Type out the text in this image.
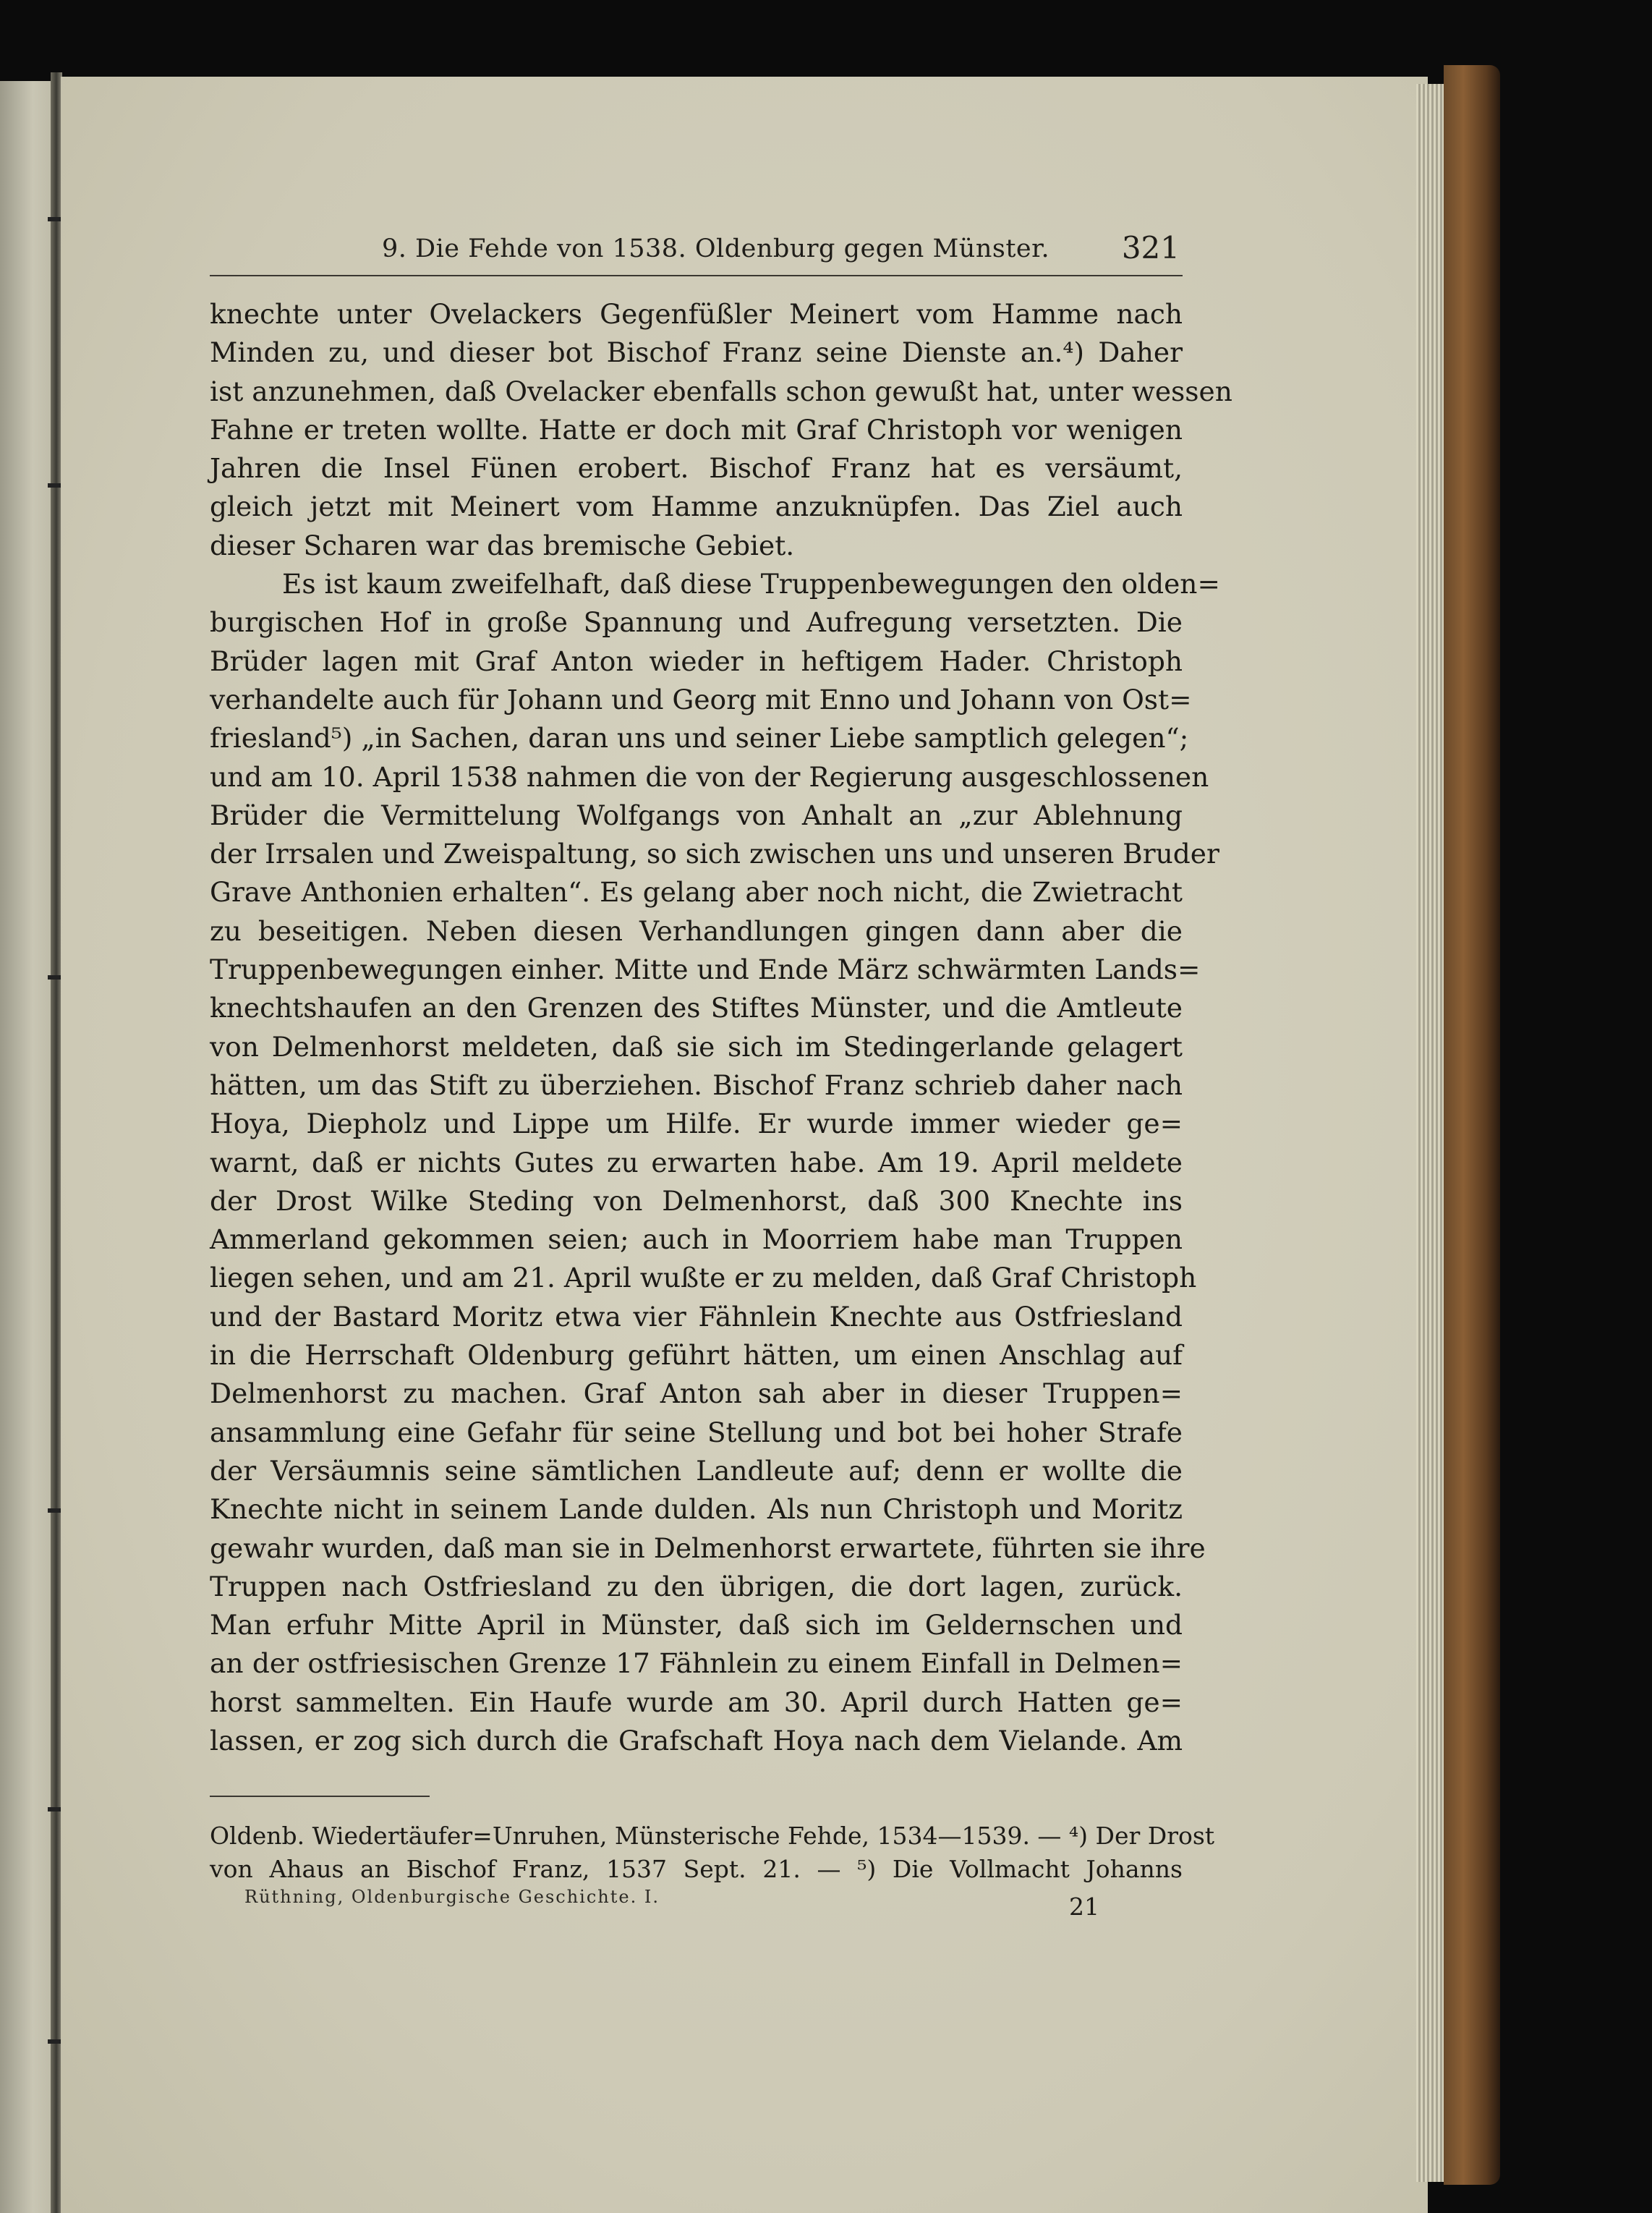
9. Die Fehde von 1538. Oldenburg gegen Münster. 321
knechte unter Ovelackers Gegenfüßler Meinert vom Hamme nach
Minden zu, und dieser bot Bischof Franz seine Dienste an.⁴) Daher
ist anzunehmen, daß Ovelacker ebenfalls schon gewußt hat, unter wessen
Fahne er treten wollte. Hatte er doch mit Graf Christoph vor wenigen
Jahren die Insel Fünen erobert. Bischof Franz hat es versäumt,
gleich jetzt mit Meinert vom Hamme anzuknüpfen. Das Ziel auch
dieser Scharen war das bremische Gebiet.
Es ist kaum zweifelhaft, daß diese Truppenbewegungen den olden=
burgischen Hof in große Spannung und Aufregung versetzten. Die
Brüder lagen mit Graf Anton wieder in heftigem Hader. Christoph
verhandelte auch für Johann und Georg mit Enno und Johann von Ost=
friesland⁵) „in Sachen, daran uns und seiner Liebe samptlich gelegen“;
und am 10. April 1538 nahmen die von der Regierung ausgeschlossenen
Brüder die Vermittelung Wolfgangs von Anhalt an „zur Ablehnung
der Irrsalen und Zweispaltung, so sich zwischen uns und unseren Bruder
Grave Anthonien erhalten“. Es gelang aber noch nicht, die Zwietracht
zu beseitigen. Neben diesen Verhandlungen gingen dann aber die
Truppenbewegungen einher. Mitte und Ende März schwärmten Lands=
knechtshaufen an den Grenzen des Stiftes Münster, und die Amtleute
von Delmenhorst meldeten, daß sie sich im Stedingerlande gelagert
hätten, um das Stift zu überziehen. Bischof Franz schrieb daher nach
Hoya, Diepholz und Lippe um Hilfe. Er wurde immer wieder ge=
warnt, daß er nichts Gutes zu erwarten habe. Am 19. April meldete
der Drost Wilke Steding von Delmenhorst, daß 300 Knechte ins
Ammerland gekommen seien; auch in Moorriem habe man Truppen
liegen sehen, und am 21. April wußte er zu melden, daß Graf Christoph
und der Bastard Moritz etwa vier Fähnlein Knechte aus Ostfriesland
in die Herrschaft Oldenburg geführt hätten, um einen Anschlag auf
Delmenhorst zu machen. Graf Anton sah aber in dieser Truppen=
ansammlung eine Gefahr für seine Stellung und bot bei hoher Strafe
der Versäumnis seine sämtlichen Landleute auf; denn er wollte die
Knechte nicht in seinem Lande dulden. Als nun Christoph und Moritz
gewahr wurden, daß man sie in Delmenhorst erwartete, führten sie ihre
Truppen nach Ostfriesland zu den übrigen, die dort lagen, zurück.
Man erfuhr Mitte April in Münster, daß sich im Geldernschen und
an der ostfriesischen Grenze 17 Fähnlein zu einem Einfall in Delmen=
horst sammelten. Ein Haufe wurde am 30. April durch Hatten ge=
lassen, er zog sich durch die Grafschaft Hoya nach dem Vielande. Am
Oldenb. Wiedertäufer=Unruhen, Münsterische Fehde, 1534—1539. — ⁴) Der Drost
von Ahaus an Bischof Franz, 1537 Sept. 21. — ⁵) Die Vollmacht Johanns
Rüthning, Oldenburgische Geschichte. I.	21
